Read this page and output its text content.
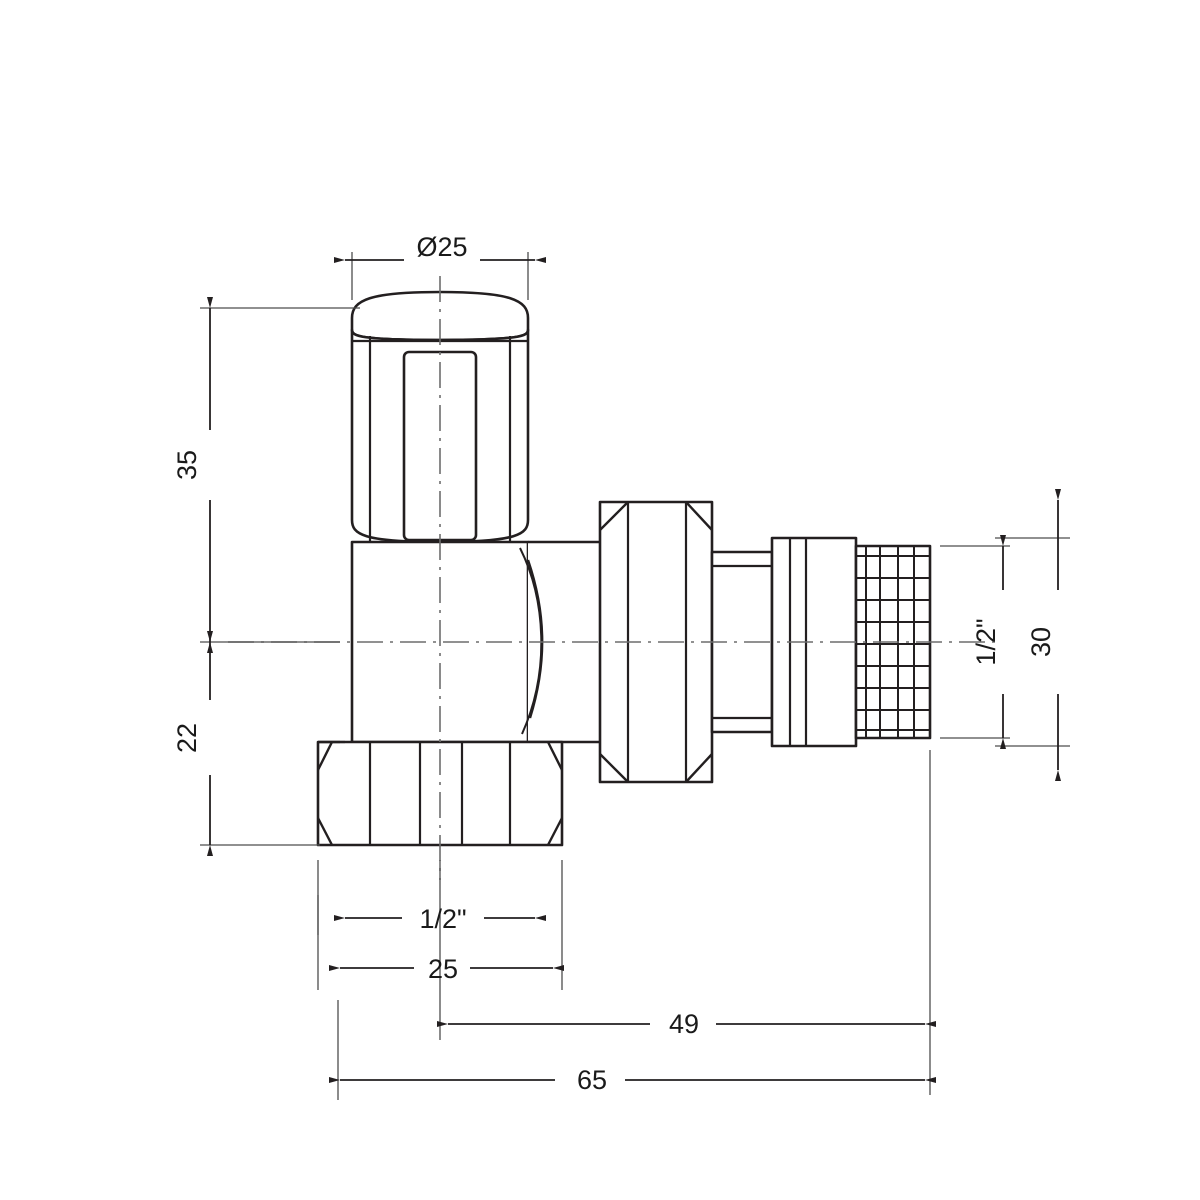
Ø25
35
22
1/2"
25
49
65
1/2" 30
